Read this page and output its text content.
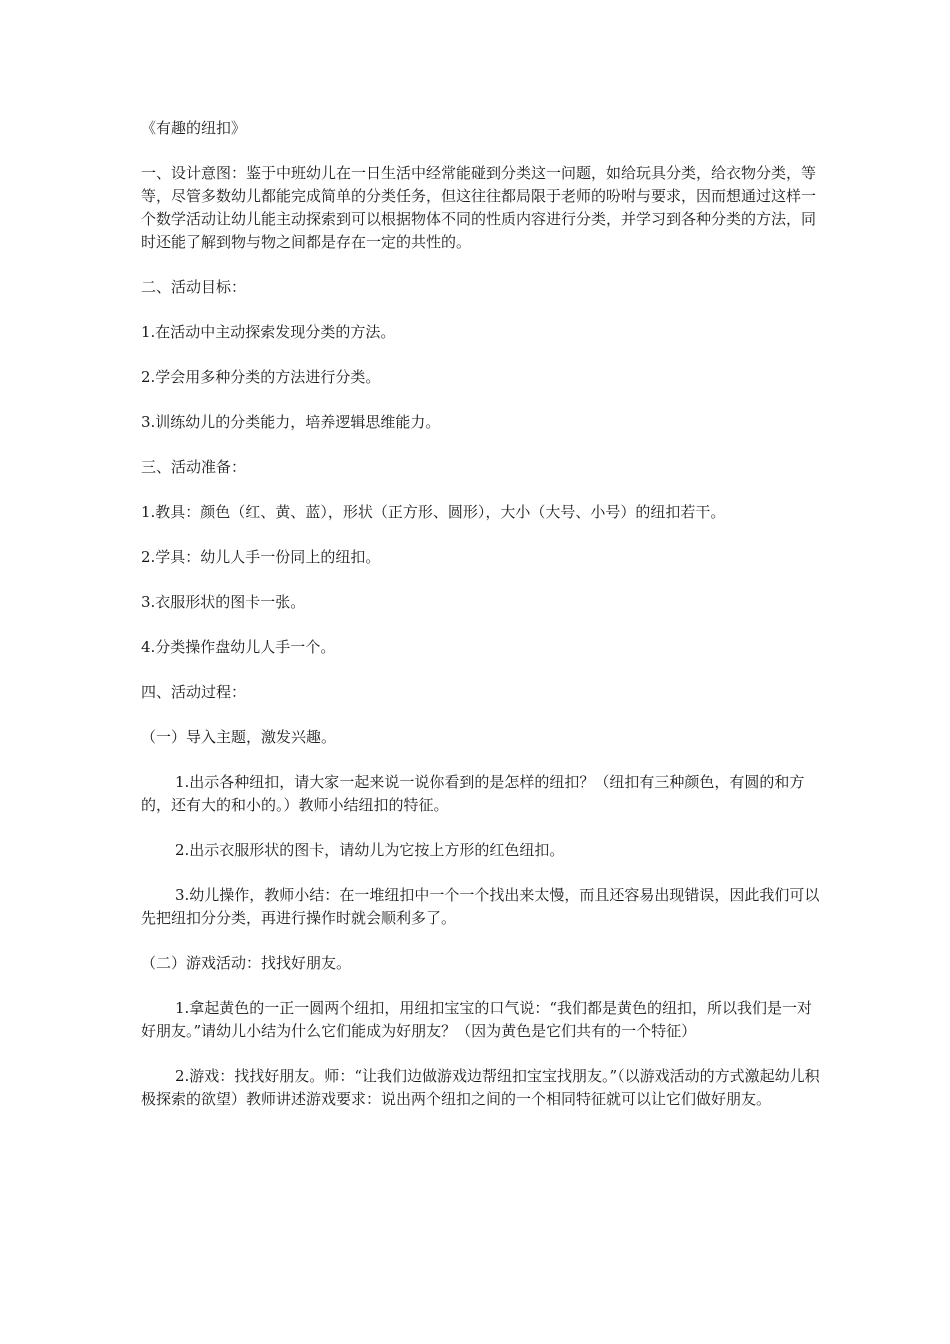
《有趣的纽扣》

一、设计意图：鉴于中班幼儿在一日生活中经常能碰到分类这一问题，如给玩具分类，给衣物分类，等等，尽管多数幼儿都能完成简单的分类任务，但这往往都局限于老师的吩咐与要求，因而想通过这样一个数学活动让幼儿能主动探索到可以根据物体不同的性质内容进行分类，并学习到各种分类的方法，同时还能了解到物与物之间都是存在一定的共性的。

二、活动目标：

1.在活动中主动探索发现分类的方法。

2.学会用多种分类的方法进行分类。

3.训练幼儿的分类能力，培养逻辑思维能力。

三、活动准备：

1.教具：颜色（红、黄、蓝），形状（正方形、圆形），大小（大号、小号）的纽扣若干。

2.学具：幼儿人手一份同上的纽扣。

3.衣服形状的图卡一张。

4.分类操作盘幼儿人手一个。

四、活动过程：

（一）导入主题，激发兴趣。

1.出示各种纽扣，请大家一起来说一说你看到的是怎样的纽扣？（纽扣有三种颜色，有圆的和方的，还有大的和小的。）教师小结纽扣的特征。

2.出示衣服形状的图卡，请幼儿为它按上方形的红色纽扣。

3.幼儿操作，教师小结：在一堆纽扣中一个一个找出来太慢，而且还容易出现错误，因此我们可以先把纽扣分分类，再进行操作时就会顺利多了。

（二）游戏活动：找找好朋友。

1.拿起黄色的一正一圆两个纽扣，用纽扣宝宝的口气说：“我们都是黄色的纽扣，所以我们是一对好朋友。”请幼儿小结为什么它们能成为好朋友？（因为黄色是它们共有的一个特征）

2.游戏：找找好朋友。师：“让我们边做游戏边帮纽扣宝宝找朋友。”（以游戏活动的方式激起幼儿积极探索的欲望）教师讲述游戏要求：说出两个纽扣之间的一个相同特征就可以让它们做好朋友。
